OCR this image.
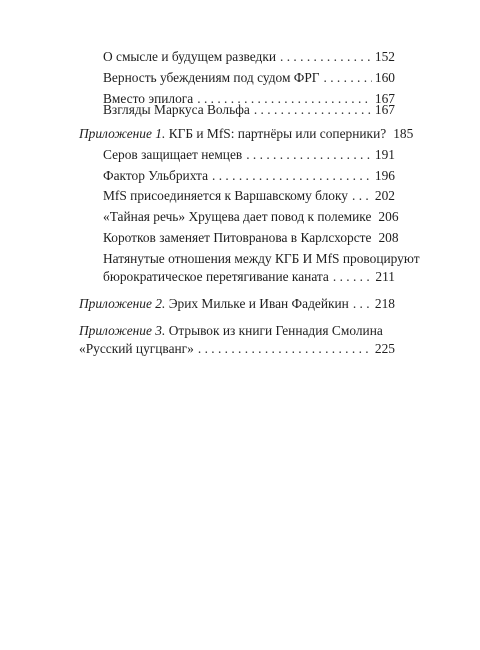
О смысле и будущем разведки . . .	152
Верность убеждениям под судом ФРГ . . .	160
Вместо эпилога . . .	167
Взгляды Маркуса Вольфа . . .	167
Приложение 1. КГБ и MfS: партнёры или соперники? 185
Серов защищает немцев . . .	191
Фактор Ульбрихта . . .	196
MfS присоединяется к Варшавскому блоку . . . 202
«Тайная речь» Хрущева дает повод к полемике 206
Коротков заменяет Питовранова в Карлсхорсте 208
Натянутые отношения между КГБ И MfS провоцируют
бюрократическое перетягивание каната . . .	211
Приложение 2. Эрих Мильке и Иван Фадейкин . . . 218
Приложение 3. Отрывок из книги Геннадия Смолина
«Русский цугцванг» . . .	225
